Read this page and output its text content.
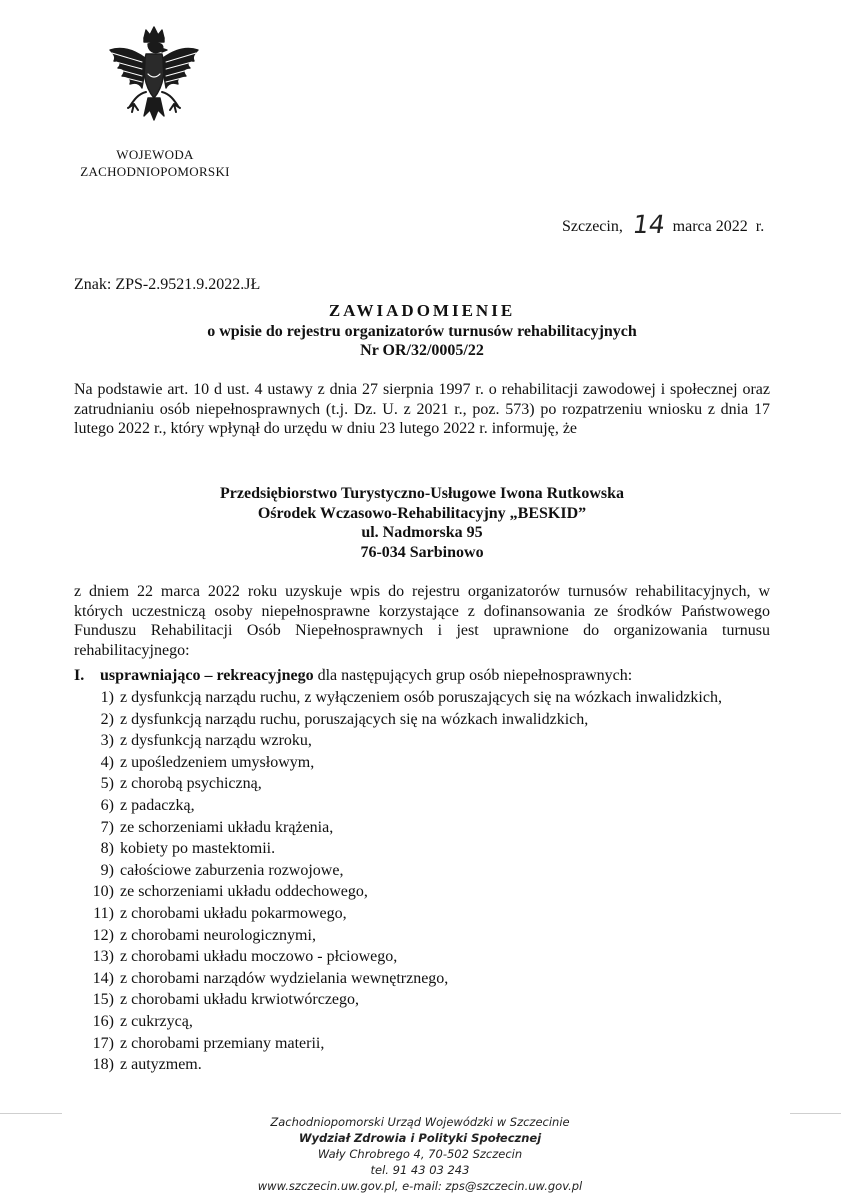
WOJEWODA
ZACHODNIOPOMORSKI
Szczecin, 14 marca 2022 r.
Znak: ZPS-2.9521.9.2022.JŁ
ZAWIADOMIENIE
o wpisie do rejestru organizatorów turnusów rehabilitacyjnych
Nr OR/32/0005/22
Na podstawie art. 10 d ust. 4 ustawy z dnia 27 sierpnia 1997 r. o rehabilitacji zawodowej i społecznej oraz zatrudnianiu osób niepełnosprawnych (t.j. Dz. U. z 2021 r., poz. 573) po rozpatrzeniu wniosku z dnia 17 lutego 2022 r., który wpłynął do urzędu w dniu 23 lutego 2022 r. informuję, że
Przedsiębiorstwo Turystyczno-Usługowe Iwona Rutkowska
Ośrodek Wczasowo-Rehabilitacyjny „BESKID”
ul. Nadmorska 95
76-034 Sarbinowo
z dniem 22 marca 2022 roku uzyskuje wpis do rejestru organizatorów turnusów rehabilitacyjnych, w których uczestniczą osoby niepełnosprawne korzystające z dofinansowania ze środków Państwowego Funduszu Rehabilitacji Osób Niepełnosprawnych i jest uprawnione do organizowania turnusu rehabilitacyjnego:
I. usprawniająco – rekreacyjnego dla następujących grup osób niepełnosprawnych:
1) z dysfunkcją narządu ruchu, z wyłączeniem osób poruszających się na wózkach inwalidzkich,
2) z dysfunkcją narządu ruchu, poruszających się na wózkach inwalidzkich,
3) z dysfunkcją narządu wzroku,
4) z upośledzeniem umysłowym,
5) z chorobą psychiczną,
6) z padaczką,
7) ze schorzeniami układu krążenia,
8) kobiety po mastektomii.
9) całościowe zaburzenia rozwojowe,
10) ze schorzeniami układu oddechowego,
11) z chorobami układu pokarmowego,
12) z chorobami neurologicznymi,
13) z chorobami układu moczowo - płciowego,
14) z chorobami narządów wydzielania wewnętrznego,
15) z chorobami układu krwiotwórczego,
16) z cukrzycą,
17) z chorobami przemiany materii,
18) z autyzmem.
Zachodniopomorski Urząd Wojewódzki w Szczecinie
Wydział Zdrowia i Polityki Społecznej
Wały Chrobrego 4, 70-502 Szczecin
tel. 91 43 03 243
www.szczecin.uw.gov.pl, e-mail: zps@szczecin.uw.gov.pl
